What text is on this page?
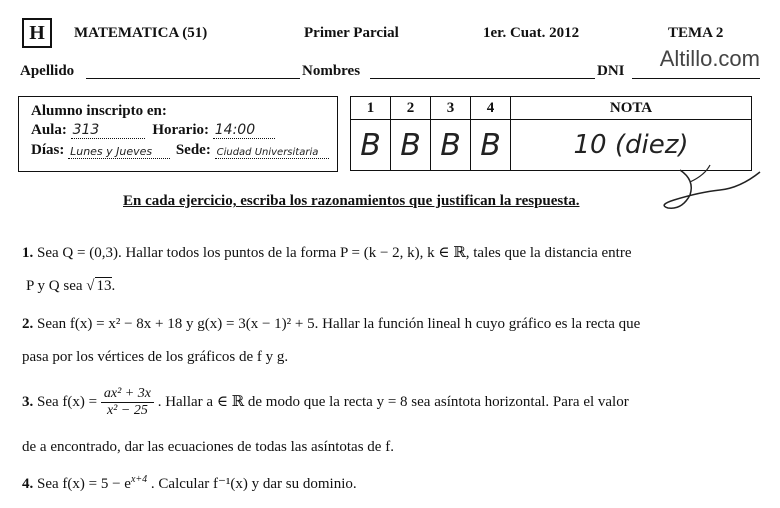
H	MATEMATICA (51)	Primer Parcial	1er. Cuat. 2012	TEMA 2
Altillo.com
Apellido	Nombres	DNI
Alumno inscripto en:
Aula: 313	Horario: 14:00
Días: Lunes y Jueves Sede: Ciudad Universitaria
1	2	3	4	NOTA
B	B	B	B	10 (diez)
En cada ejercicio, escriba los razonamientos que justifican la respuesta.
1. Sea Q = (0,3). Hallar todos los puntos de la forma P = (k − 2, k), k ∈ ℝ, tales que la distancia entre
P y Q sea √ 13.
2. Sean f(x) = x² − 8x + 18 y g(x) = 3(x − 1)² + 5. Hallar la función lineal h cuyo gráfico es la recta que
pasa por los vértices de los gráficos de f y g.
3. Sea $f(x) = \frac{\text{ax² + 3x}}{\text{x² − 25}}$ . Hallar a ∈ ℝ de modo que la recta y = 8 sea asíntota horizontal. Para el valor
de a encontrado, dar las ecuaciones de todas las asíntotas de f.
4. Sea $f(x) = 5 - e^{x+4}$ . Calcular f⁻¹(x) y dar su dominio.
